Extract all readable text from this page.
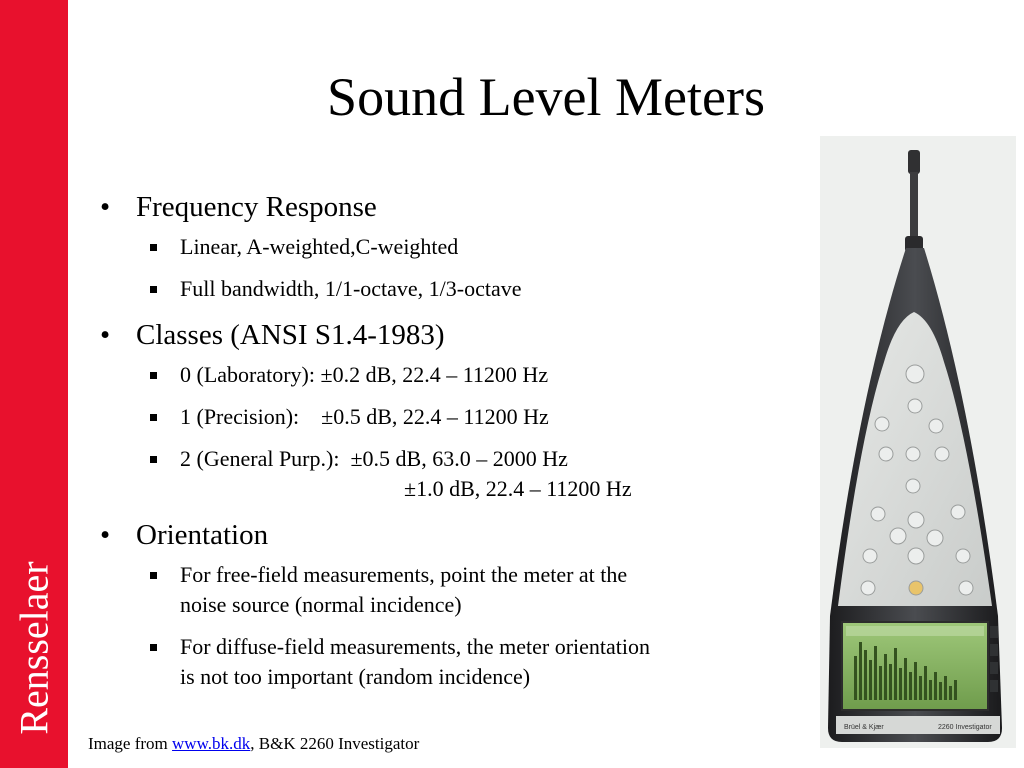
Rensselaer
Sound Level Meters
• Frequency Response
Linear, A-weighted,C-weighted
Full bandwidth, 1/1-octave, 1/3-octave
• Classes (ANSI S1.4-1983)
0 (Laboratory): ±0.2 dB, 22.4 – 11200 Hz
1 (Precision):    ±0.5 dB, 22.4 – 11200 Hz
2 (General Purp.):  ±0.5 dB, 63.0 – 2000 Hz
±1.0 dB, 22.4 – 11200 Hz
• Orientation
For free-field measurements, point the meter at the
noise source (normal incidence)
For diffuse-field measurements, the meter orientation
is not too important (random incidence)
Image from www.bk.dk, B&K 2260 Investigator
Brüel & Kjær	2260 Investigator
